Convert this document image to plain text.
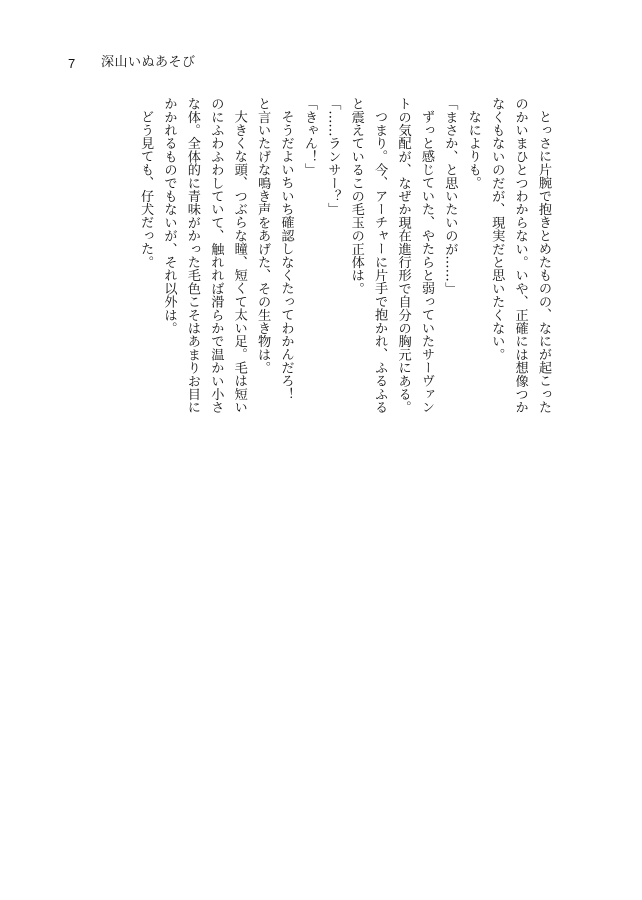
7 深山いぬあそび

とっさに片腕で抱きとめたものの、なにが起こった

のかいまひとつわからない。いや、正確には想像つか

なくもないのだが、現実だと思いたくない。

なによりも。

「まさか、と思いたいのが……」

ずっと感じていた、やたらと弱っていたサーヴァン

トの気配が、なぜか現在進行形で自分の胸元にある。

つまり。今、アーチャーに片手で抱かれ、ふるふる

と震えているこの毛玉の正体は。

「……ランサー？」

「きゃん！」

そうだよいちいち確認しなくたってわかんだろ！

と言いたげな鳴き声をあげた、その生き物は。

大きくな頭、つぶらな瞳、短くて太い足。毛は短い

のにふわふわしていて、触れれば滑らかで温かい小さ

な体。全体的に青味がかった毛色こそはあまりお目に

かかれるものでもないが、それ以外は。

どう見ても、仔犬だった。
